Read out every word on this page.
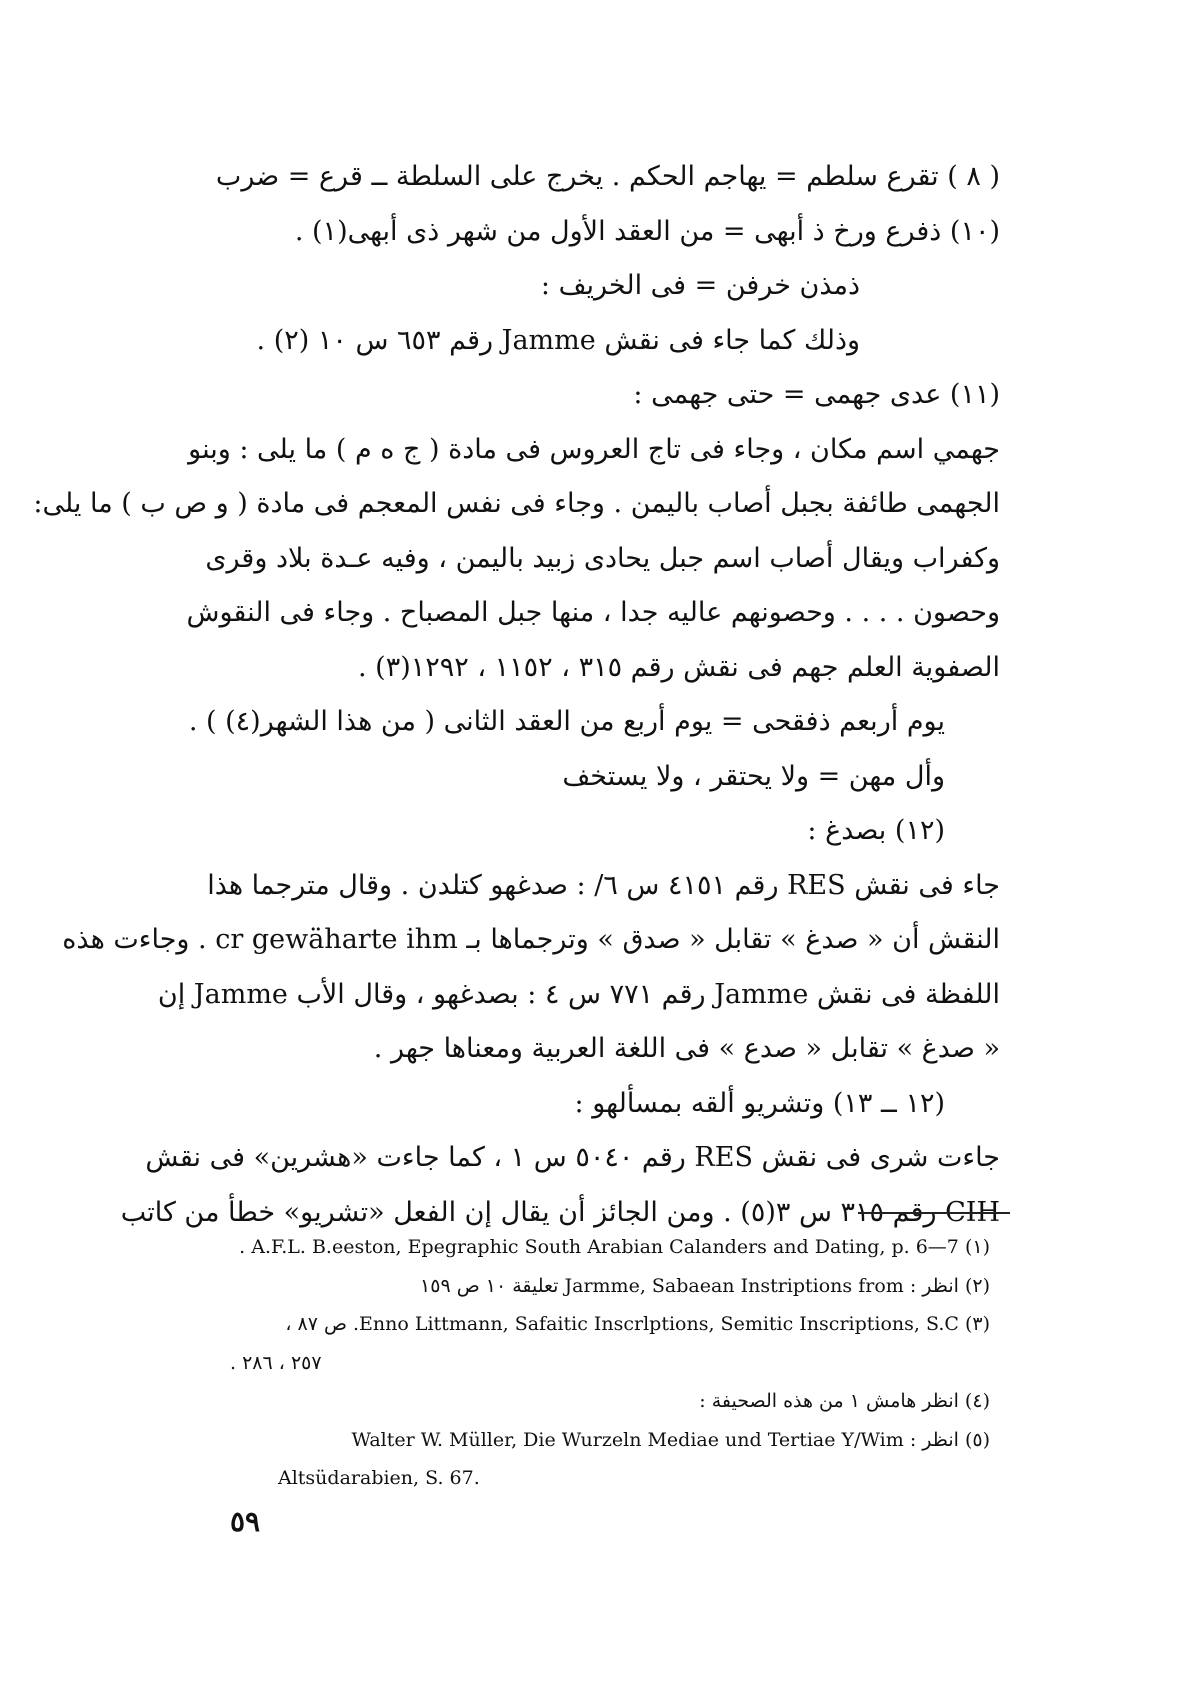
( ٨ ) تقرع سلطم = يهاجم الحكم . يخرج على السلطة ــ قرع = ضرب
(١٠) ذفرع ورخ ذ أبهى = من العقد الأول من شهر ذى أبهى(١) .
ذمذن خرفن = فى الخريف :
وذلك كما جاء فى نقش Jamme رقم ٦٥٣ س ١٠ (٢) .
(١١) عدى جهمى = حتى جهمى :
جهمي اسم مكان ، وجاء فى تاج العروس فى مادة ( ج ه م ) ما يلى : وبنو
الجهمى طائفة بجبل أصاب باليمن . وجاء فى نفس المعجم فى مادة ( و ص ب ) ما يلى:
وكفراب ويقال أصاب اسم جبل يحادى زبيد باليمن ، وفيه عـدة بلاد وقرى
وحصون . . . . وحصونهم عاليه جدا ، منها جبل المصباح . وجاء فى النقوش
الصفوية العلم جهم فى نقش رقم ٣١٥ ، ١١٥٢ ، ١٢٩٢(٣) .
يوم أربعم ذفقحى = يوم أربع من العقد الثانى ( من هذا الشهر(٤) ) .
وأل مهن = ولا يحتقر ، ولا يستخف
(١٢) بصدغ :
جاء فى نقش RES رقم ٤١٥١ س ٦/ : صدغهو كتلدن . وقال مترجما هذا
النقش أن « صدغ » تقابل « صدق » وترجماها بـ cr gewäharte ihm . وجاءت هذه
اللفظة فى نقش Jamme رقم ٧٧١ س ٤ : بصدغهو ، وقال الأب Jamme إن
« صدغ » تقابل « صدع » فى اللغة العربية ومعناها جهر .
(١٢ ــ ١٣) وتشريو ألقه بمسألهو :
جاءت شرى فى نقش RES رقم ٥٠٤٠ س ١ ، كما جاءت «هشرين» فى نقش
CIH رقم ٣١٥ س ٣(٥) . ومن الجائز أن يقال إن الفعل «تشريو» خطأ من كاتب
(١) A.F.L. B.eeston, Epegraphic South Arabian Calanders and Dating, p. 6—7 .
(٢) انظر : Jarmme, Sabaean Instriptions from تعليقة ١٠ ص ١٥٩
(٣) Enno Littmann, Safaitic Inscrlptions, Semitic Inscriptions, S.C. ص ٨٧ ،
٢٥٧ ، ٢٨٦ .
(٤) انظر هامش ١ من هذه الصحيفة :
(٥) انظر : Walter W. Müller, Die Wurzeln Mediae und Tertiae Y/Wim
Altsüdarabien, S. 67.
٥٩
